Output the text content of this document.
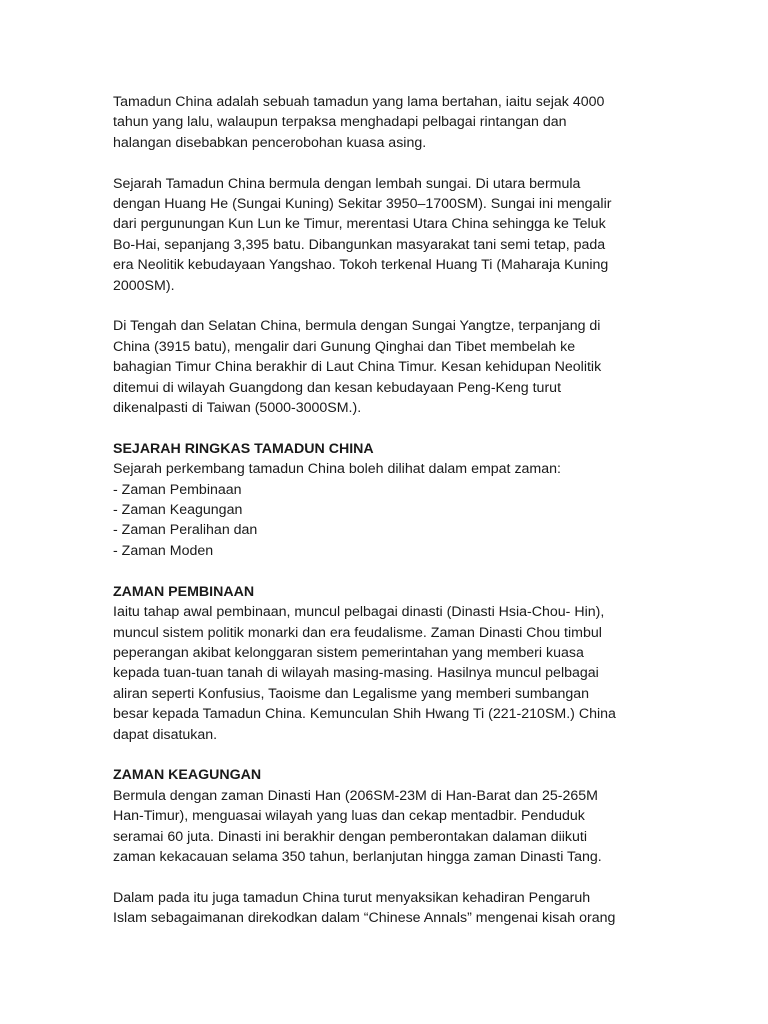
Tamadun China adalah sebuah tamadun yang lama bertahan, iaitu sejak 4000
tahun yang lalu, walaupun terpaksa menghadapi pelbagai rintangan dan
halangan disebabkan pencerobohan kuasa asing.

Sejarah Tamadun China bermula dengan lembah sungai. Di utara bermula
dengan Huang He (Sungai Kuning) Sekitar 3950–1700SM). Sungai ini mengalir
dari pergunungan Kun Lun ke Timur, merentasi Utara China sehingga ke Teluk
Bo-Hai, sepanjang 3,395 batu. Dibangunkan masyarakat tani semi tetap, pada
era Neolitik kebudayaan Yangshao. Tokoh terkenal Huang Ti (Maharaja Kuning
2000SM).

Di Tengah dan Selatan China, bermula dengan Sungai Yangtze, terpanjang di
China (3915 batu), mengalir dari Gunung Qinghai dan Tibet membelah ke
bahagian Timur China berakhir di Laut China Timur. Kesan kehidupan Neolitik
ditemui di wilayah Guangdong dan kesan kebudayaan Peng-Keng turut
dikenalpasti di Taiwan (5000-3000SM.).

SEJARAH RINGKAS TAMADUN CHINA

Sejarah perkembang tamadun China boleh dilihat dalam empat zaman:

- Zaman Pembinaan
- Zaman Keagungan
- Zaman Peralihan dan
- Zaman Moden

ZAMAN PEMBINAAN

Iaitu tahap awal pembinaan, muncul pelbagai dinasti (Dinasti Hsia-Chou- Hin),
muncul sistem politik monarki dan era feudalisme. Zaman Dinasti Chou timbul
peperangan akibat kelonggaran sistem pemerintahan yang memberi kuasa
kepada tuan-tuan tanah di wilayah masing-masing. Hasilnya muncul pelbagai
aliran seperti Konfusius, Taoisme dan Legalisme yang memberi sumbangan
besar kepada Tamadun China. Kemunculan Shih Hwang Ti (221-210SM.) China
dapat disatukan.

ZAMAN KEAGUNGAN

Bermula dengan zaman Dinasti Han (206SM-23M di Han-Barat dan 25-265M
Han-Timur), menguasai wilayah yang luas dan cekap mentadbir. Penduduk
seramai 60 juta. Dinasti ini berakhir dengan pemberontakan dalaman diikuti
zaman kekacauan selama 350 tahun, berlanjutan hingga zaman Dinasti Tang.

Dalam pada itu juga tamadun China turut menyaksikan kehadiran Pengaruh
Islam sebagaimanan direkodkan dalam “Chinese Annals” mengenai kisah orang
